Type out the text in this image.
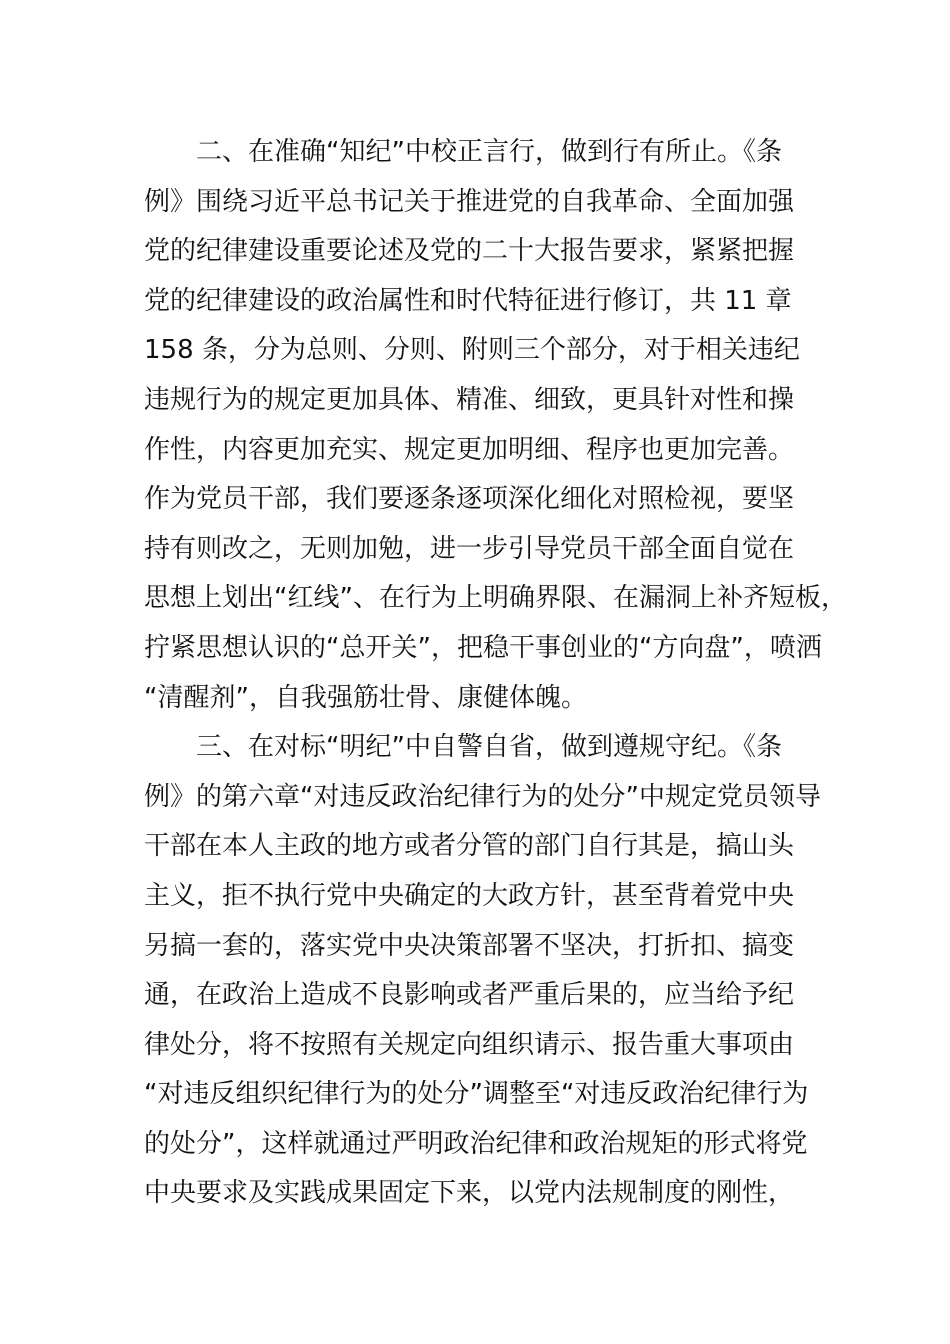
　　二、在准确“知纪”中校正言行，做到行有所止。《条
例》围绕习近平总书记关于推进党的自我革命、全面加强
党的纪律建设重要论述及党的二十大报告要求，紧紧把握
党的纪律建设的政治属性和时代特征进行修订，共 11 章
158 条，分为总则、分则、附则三个部分，对于相关违纪
违规行为的规定更加具体、精准、细致，更具针对性和操
作性，内容更加充实、规定更加明细、程序也更加完善。
作为党员干部，我们要逐条逐项深化细化对照检视，要坚
持有则改之，无则加勉，进一步引导党员干部全面自觉在
思想上划出“红线”、在行为上明确界限、在漏洞上补齐短板，
拧紧思想认识的“总开关”，把稳干事创业的“方向盘”，喷洒
“清醒剂”，自我强筋壮骨、康健体魄。

　　三、在对标“明纪”中自警自省，做到遵规守纪。《条
例》的第六章“对违反政治纪律行为的处分”中规定党员领导
干部在本人主政的地方或者分管的部门自行其是，搞山头
主义，拒不执行党中央确定的大政方针，甚至背着党中央
另搞一套的，落实党中央决策部署不坚决，打折扣、搞变
通，在政治上造成不良影响或者严重后果的，应当给予纪
律处分，将不按照有关规定向组织请示、报告重大事项由
“对违反组织纪律行为的处分”调整至“对违反政治纪律行为
的处分”，这样就通过严明政治纪律和政治规矩的形式将党
中央要求及实践成果固定下来，以党内法规制度的刚性，
